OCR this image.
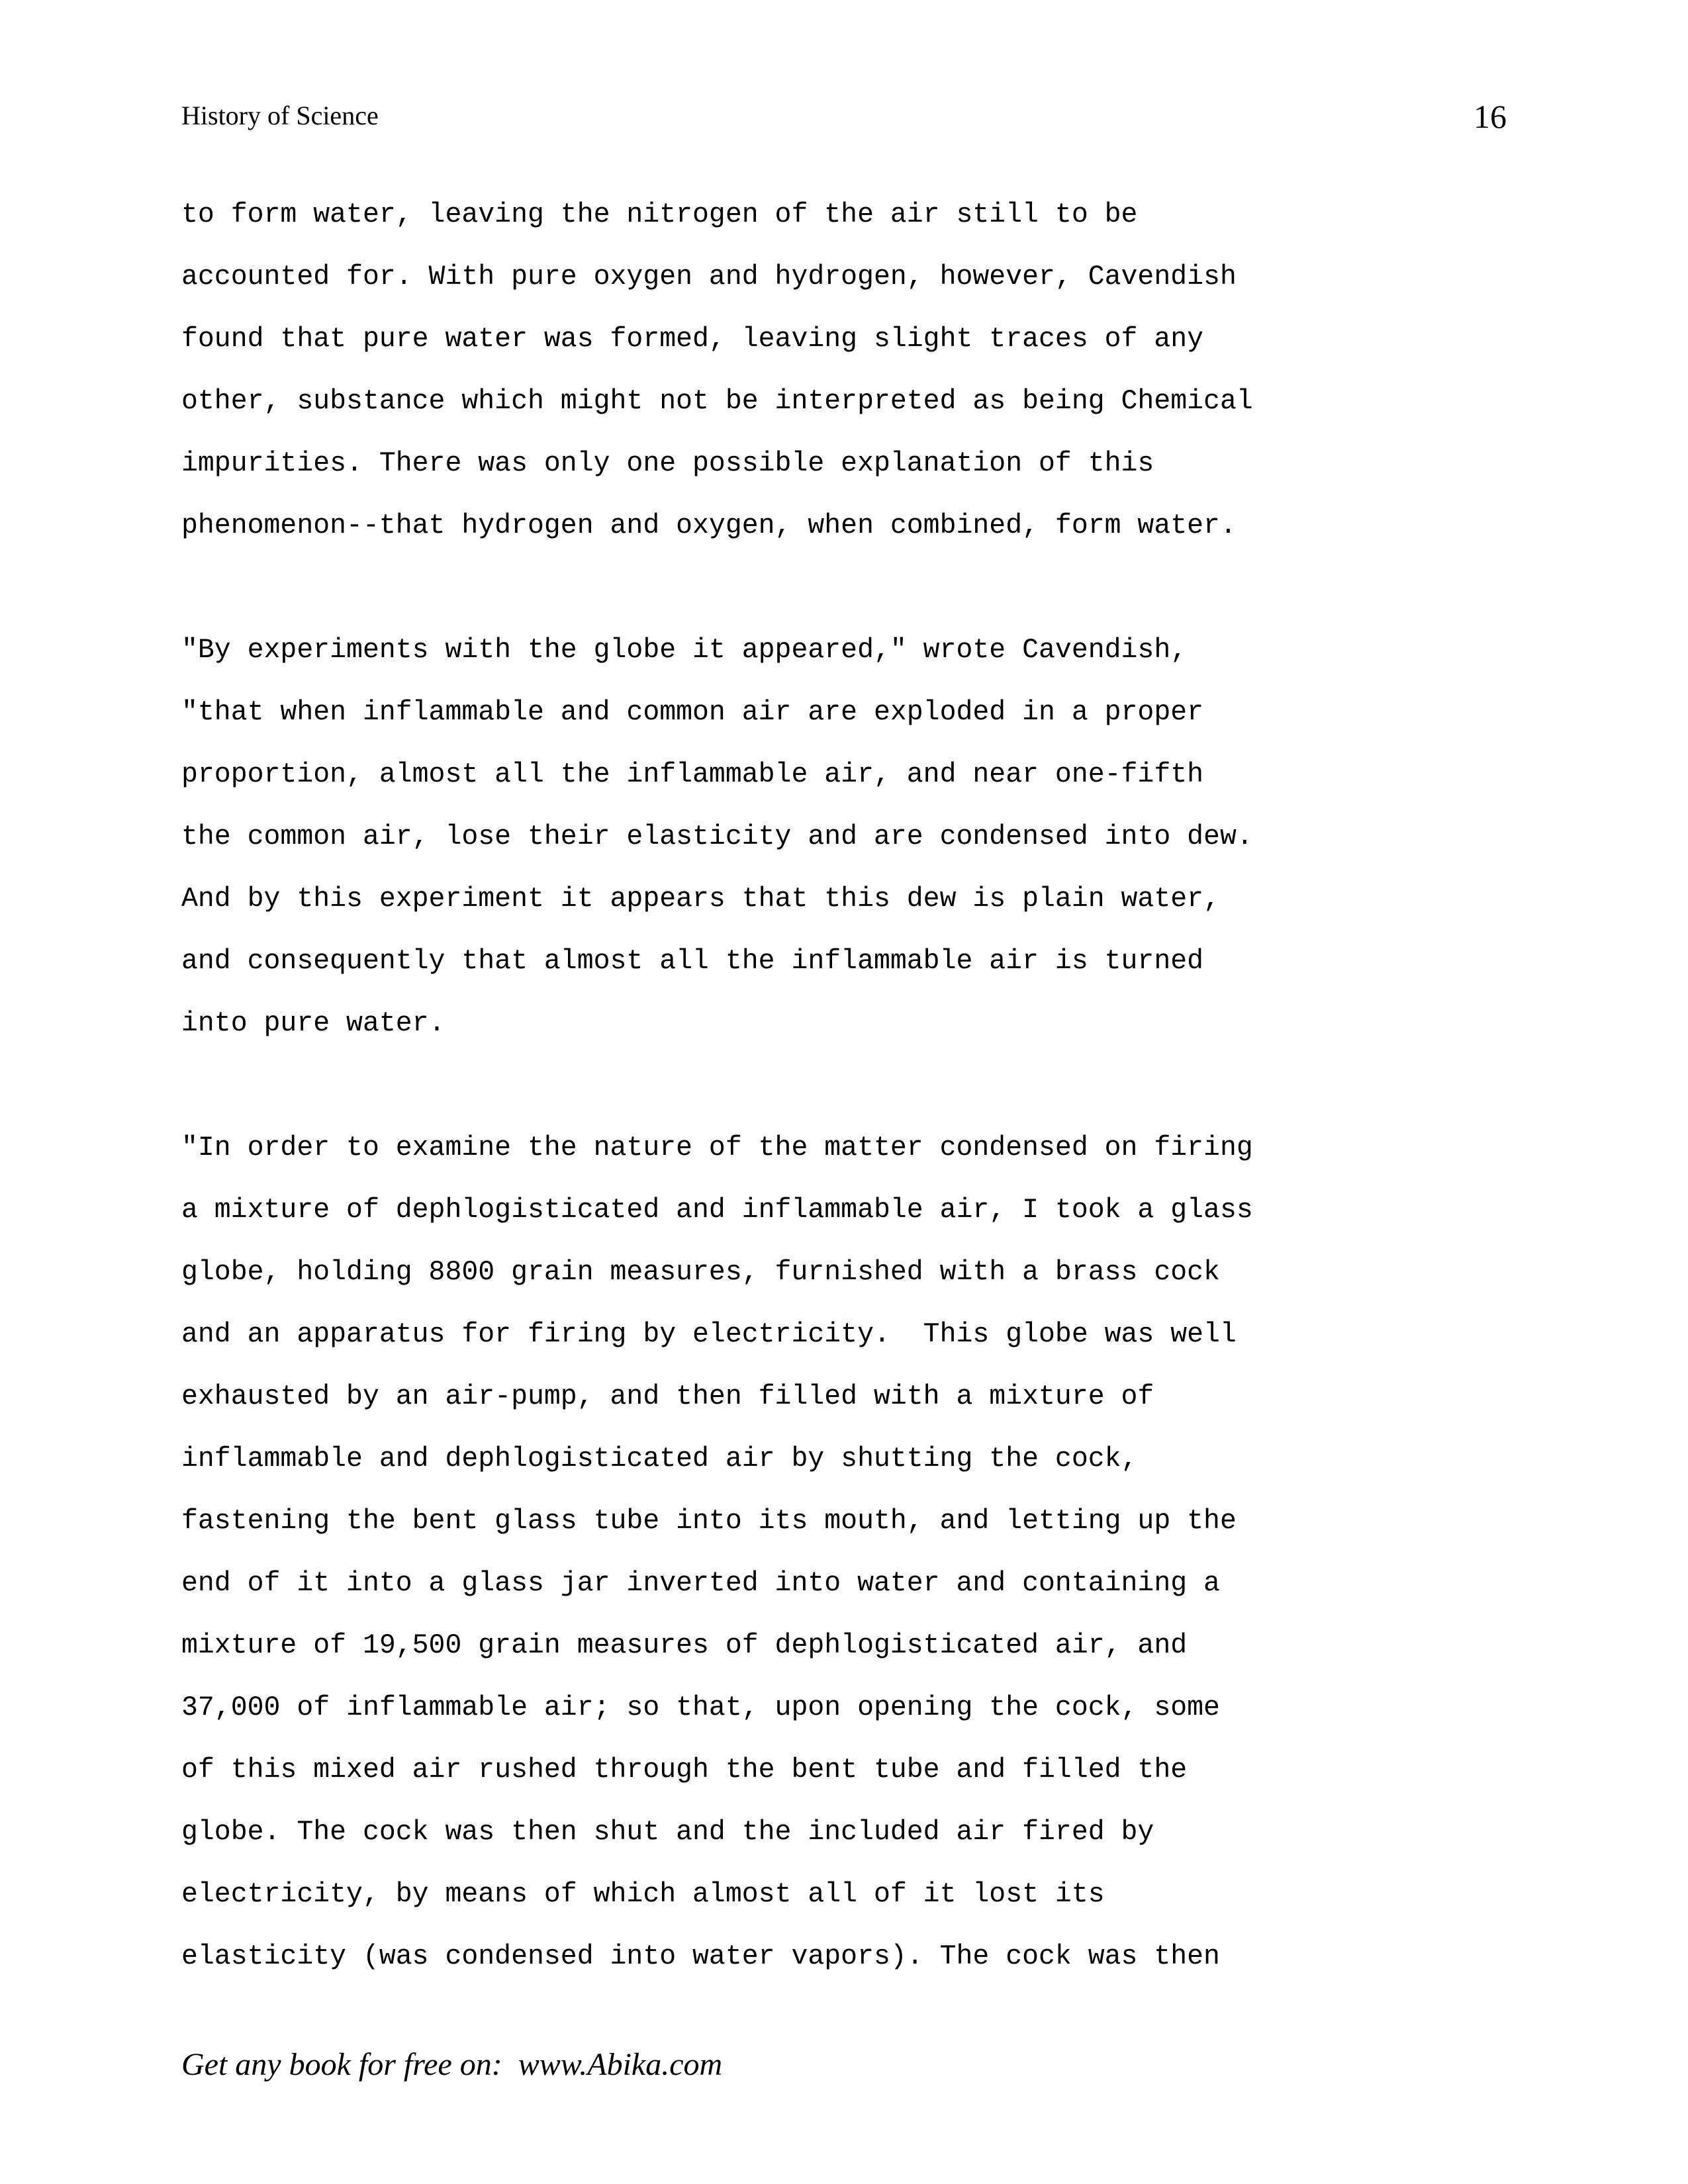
History of Science	16
to form water, leaving the nitrogen of the air still to be
accounted for. With pure oxygen and hydrogen, however, Cavendish
found that pure water was formed, leaving slight traces of any
other, substance which might not be interpreted as being Chemical
impurities. There was only one possible explanation of this
phenomenon--that hydrogen and oxygen, when combined, form water.
"By experiments with the globe it appeared," wrote Cavendish,
"that when inflammable and common air are exploded in a proper
proportion, almost all the inflammable air, and near one-fifth
the common air, lose their elasticity and are condensed into dew.
And by this experiment it appears that this dew is plain water,
and consequently that almost all the inflammable air is turned
into pure water.
"In order to examine the nature of the matter condensed on firing
a mixture of dephlogisticated and inflammable air, I took a glass
globe, holding 8800 grain measures, furnished with a brass cock
and an apparatus for firing by electricity.  This globe was well
exhausted by an air-pump, and then filled with a mixture of
inflammable and dephlogisticated air by shutting the cock,
fastening the bent glass tube into its mouth, and letting up the
end of it into a glass jar inverted into water and containing a
mixture of 19,500 grain measures of dephlogisticated air, and
37,000 of inflammable air; so that, upon opening the cock, some
of this mixed air rushed through the bent tube and filled the
globe. The cock was then shut and the included air fired by
electricity, by means of which almost all of it lost its
elasticity (was condensed into water vapors). The cock was then
Get any book for free on:  www.Abika.com
